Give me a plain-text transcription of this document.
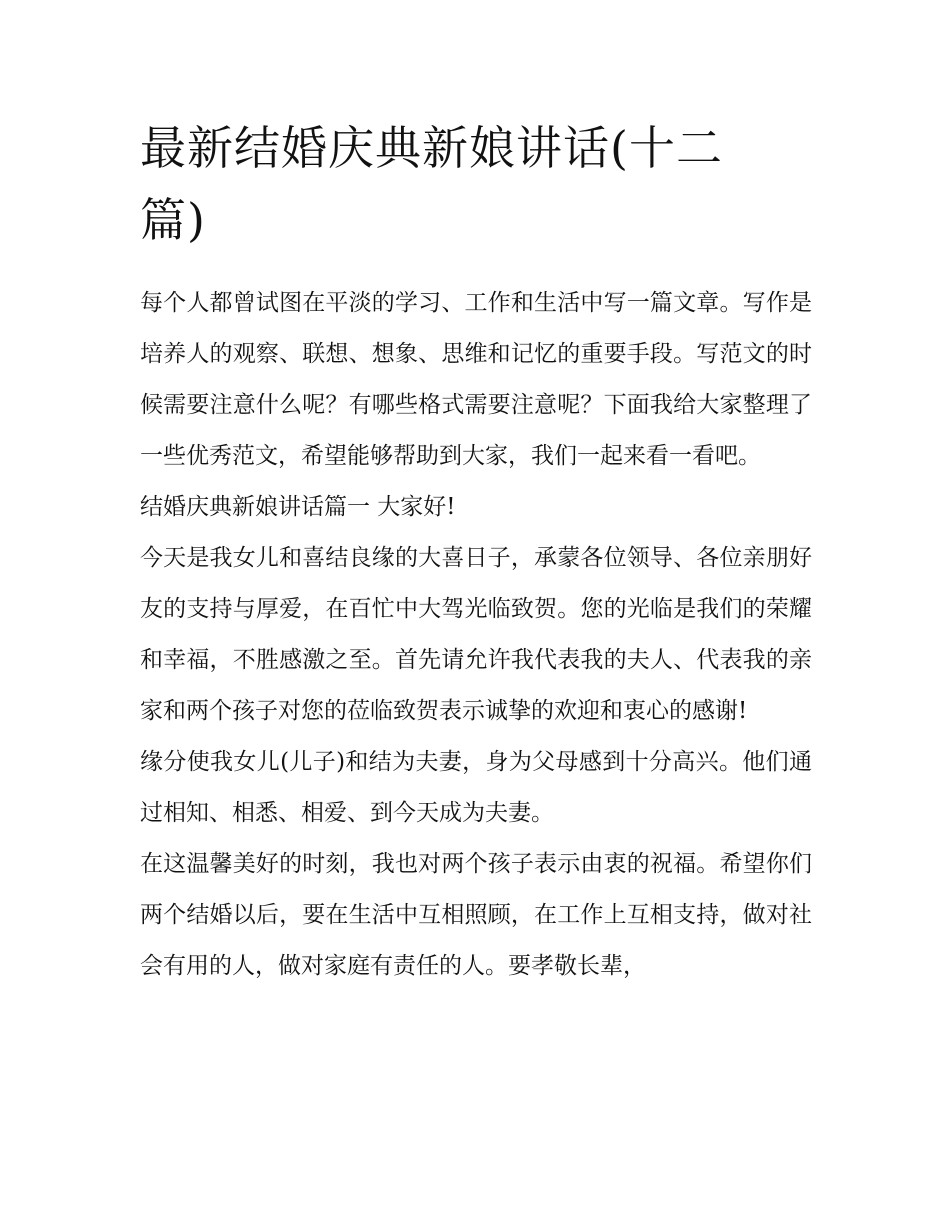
最新结婚庆典新娘讲话(十二篇)

每个人都曾试图在平淡的学习、工作和生活中写一篇文章。写作是培养人的观察、联想、想象、思维和记忆的重要手段。写范文的时候需要注意什么呢？有哪些格式需要注意呢？下面我给大家整理了一些优秀范文，希望能够帮助到大家，我们一起来看一看吧。

结婚庆典新娘讲话篇一 大家好!

今天是我女儿和喜结良缘的大喜日子，承蒙各位领导、各位亲朋好友的支持与厚爱，在百忙中大驾光临致贺。您的光临是我们的荣耀和幸福，不胜感激之至。首先请允许我代表我的夫人、代表我的亲家和两个孩子对您的莅临致贺表示诚挚的欢迎和衷心的感谢!

缘分使我女儿(儿子)和结为夫妻，身为父母感到十分高兴。他们通过相知、相悉、相爱、到今天成为夫妻。

在这温馨美好的时刻，我也对两个孩子表示由衷的祝福。希望你们两个结婚以后，要在生活中互相照顾，在工作上互相支持，做对社会有用的人，做对家庭有责任的人。要孝敬长辈，
